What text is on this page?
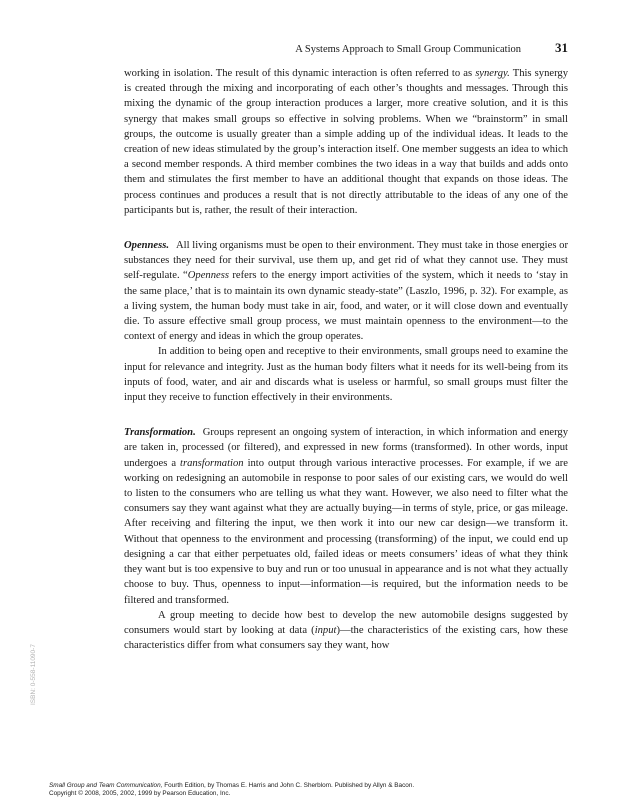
A Systems Approach to Small Group Communication	31

working in isolation. The result of this dynamic interaction is often referred to as synergy. This synergy is created through the mixing and incorporating of each other’s thoughts and messages. Through this mixing the dynamic of the group interaction produces a larger, more creative solution, and it is this synergy that makes small groups so effective in solving problems. When we “brainstorm” in small groups, the outcome is usually greater than a simple adding up of the individual ideas. It leads to the creation of new ideas stimulated by the group’s interaction itself. One member suggests an idea to which a second member responds. A third member combines the two ideas in a way that builds and adds onto them and stimulates the first member to have an additional thought that expands on those ideas. The process continues and produces a result that is not directly attributable to the ideas of any one of the participants but is, rather, the result of their interaction.

Openness. All living organisms must be open to their environment. They must take in those energies or substances they need for their survival, use them up, and get rid of what they cannot use. They must self-regulate. “Openness refers to the energy import activities of the system, which it needs to ‘stay in the same place,’ that is to maintain its own dynamic steady-state” (Laszlo, 1996, p. 32). For example, as a living system, the human body must take in air, food, and water, or it will close down and eventually die. To assure effective small group process, we must maintain openness to the environment—to the context of energy and ideas in which the group operates.

In addition to being open and receptive to their environments, small groups need to examine the input for relevance and integrity. Just as the human body filters what it needs for its well-being from its inputs of food, water, and air and discards what is useless or harmful, so small groups must filter the input they receive to function effectively in their environments.

Transformation. Groups represent an ongoing system of interaction, in which information and energy are taken in, processed (or filtered), and expressed in new forms (transformed). In other words, input undergoes a transformation into output through various interactive processes. For example, if we are working on redesigning an automobile in response to poor sales of our existing cars, we would do well to listen to the consumers who are telling us what they want. However, we also need to filter what the consumers say they want against what they are actually buying—in terms of style, price, or gas mileage. After receiving and filtering the input, we then work it into our new car design—we transform it. Without that openness to the environment and processing (transforming) of the input, we could end up designing a car that either perpetuates old, failed ideas or meets consumers’ ideas of what they think they want but is too expensive to buy and run or too unusual in appearance and is not what they actually choose to buy. Thus, openness to input—information—is required, but the information needs to be filtered and transformed.

A group meeting to decide how best to develop the new automobile designs suggested by consumers would start by looking at data (input)—the characteristics of the existing cars, how these characteristics differ from what consumers say they want, how

ISBN: 0-558-11090-7
Small Group and Team Communication, Fourth Edition, by Thomas E. Harris and John C. Sherblom. Published by Allyn & Bacon.
Copyright © 2008, 2005, 2002, 1999 by Pearson Education, Inc.
